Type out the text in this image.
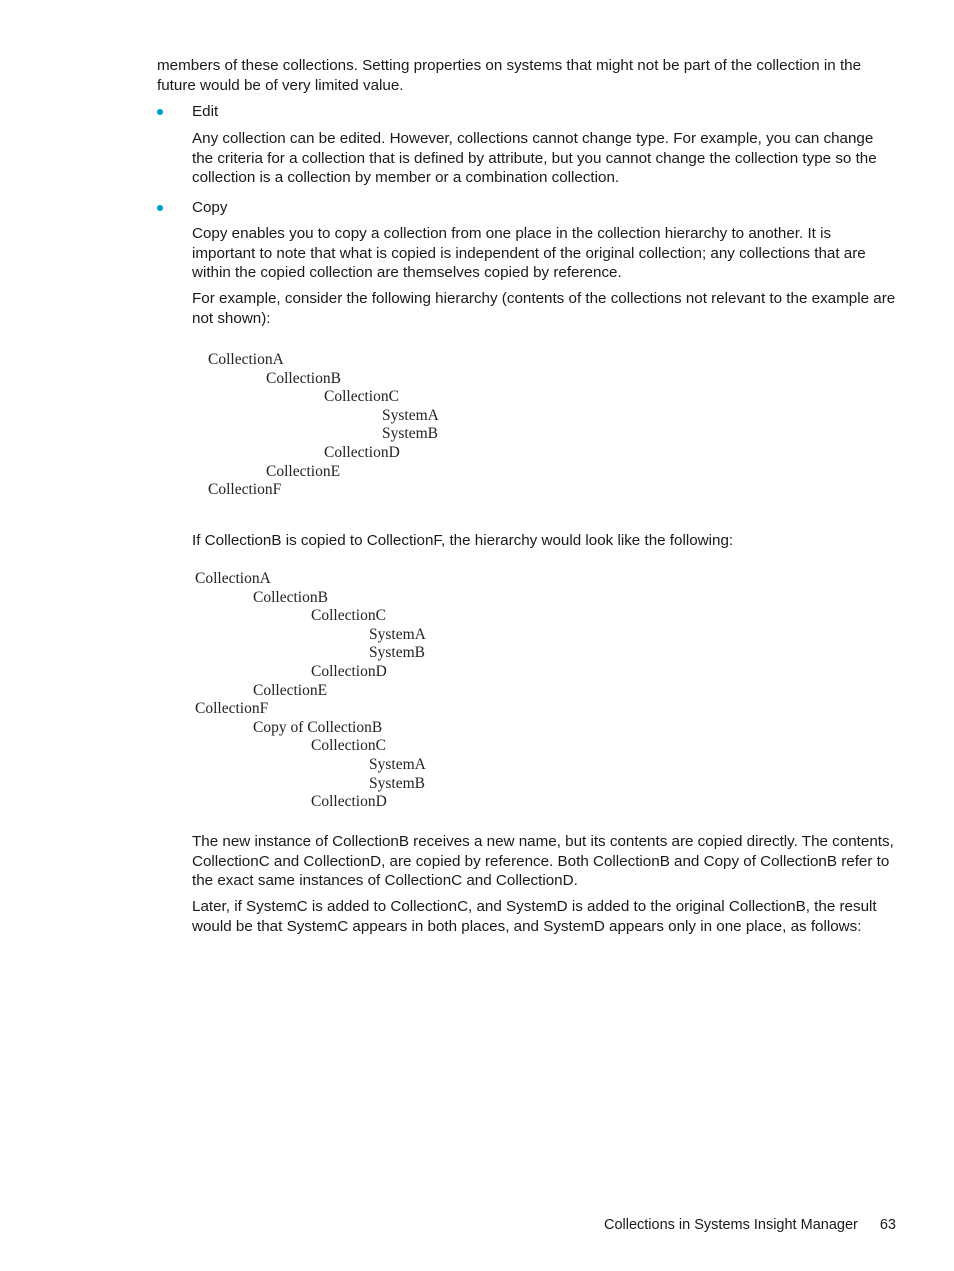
members of these collections. Setting properties on systems that might not be part of the collection in the future would be of very limited value.

Edit

Any collection can be edited. However, collections cannot change type. For example, you can change the criteria for a collection that is defined by attribute, but you cannot change the collection type so the collection is a collection by member or a combination collection.

Copy

Copy enables you to copy a collection from one place in the collection hierarchy to another. It is important to note that what is copied is independent of the original collection; any collections that are within the copied collection are themselves copied by reference.

For example, consider the following hierarchy (contents of the collections not relevant to the example are not shown):

CollectionA
CollectionB
CollectionC
SystemA
SystemB
CollectionD
CollectionE
CollectionF

If CollectionB is copied to CollectionF, the hierarchy would look like the following:

CollectionA
CollectionB
CollectionC
SystemA
SystemB
CollectionD
CollectionE
CollectionF
Copy of CollectionB
CollectionC
SystemA
SystemB
CollectionD

The new instance of CollectionB receives a new name, but its contents are copied directly. The contents, CollectionC and CollectionD, are copied by reference. Both CollectionB and Copy of CollectionB refer to the exact same instances of CollectionC and CollectionD.

Later, if SystemC is added to CollectionC, and SystemD is added to the original CollectionB, the result would be that SystemC appears in both places, and SystemD appears only in one place, as follows:

Collections in Systems Insight Manager 63
